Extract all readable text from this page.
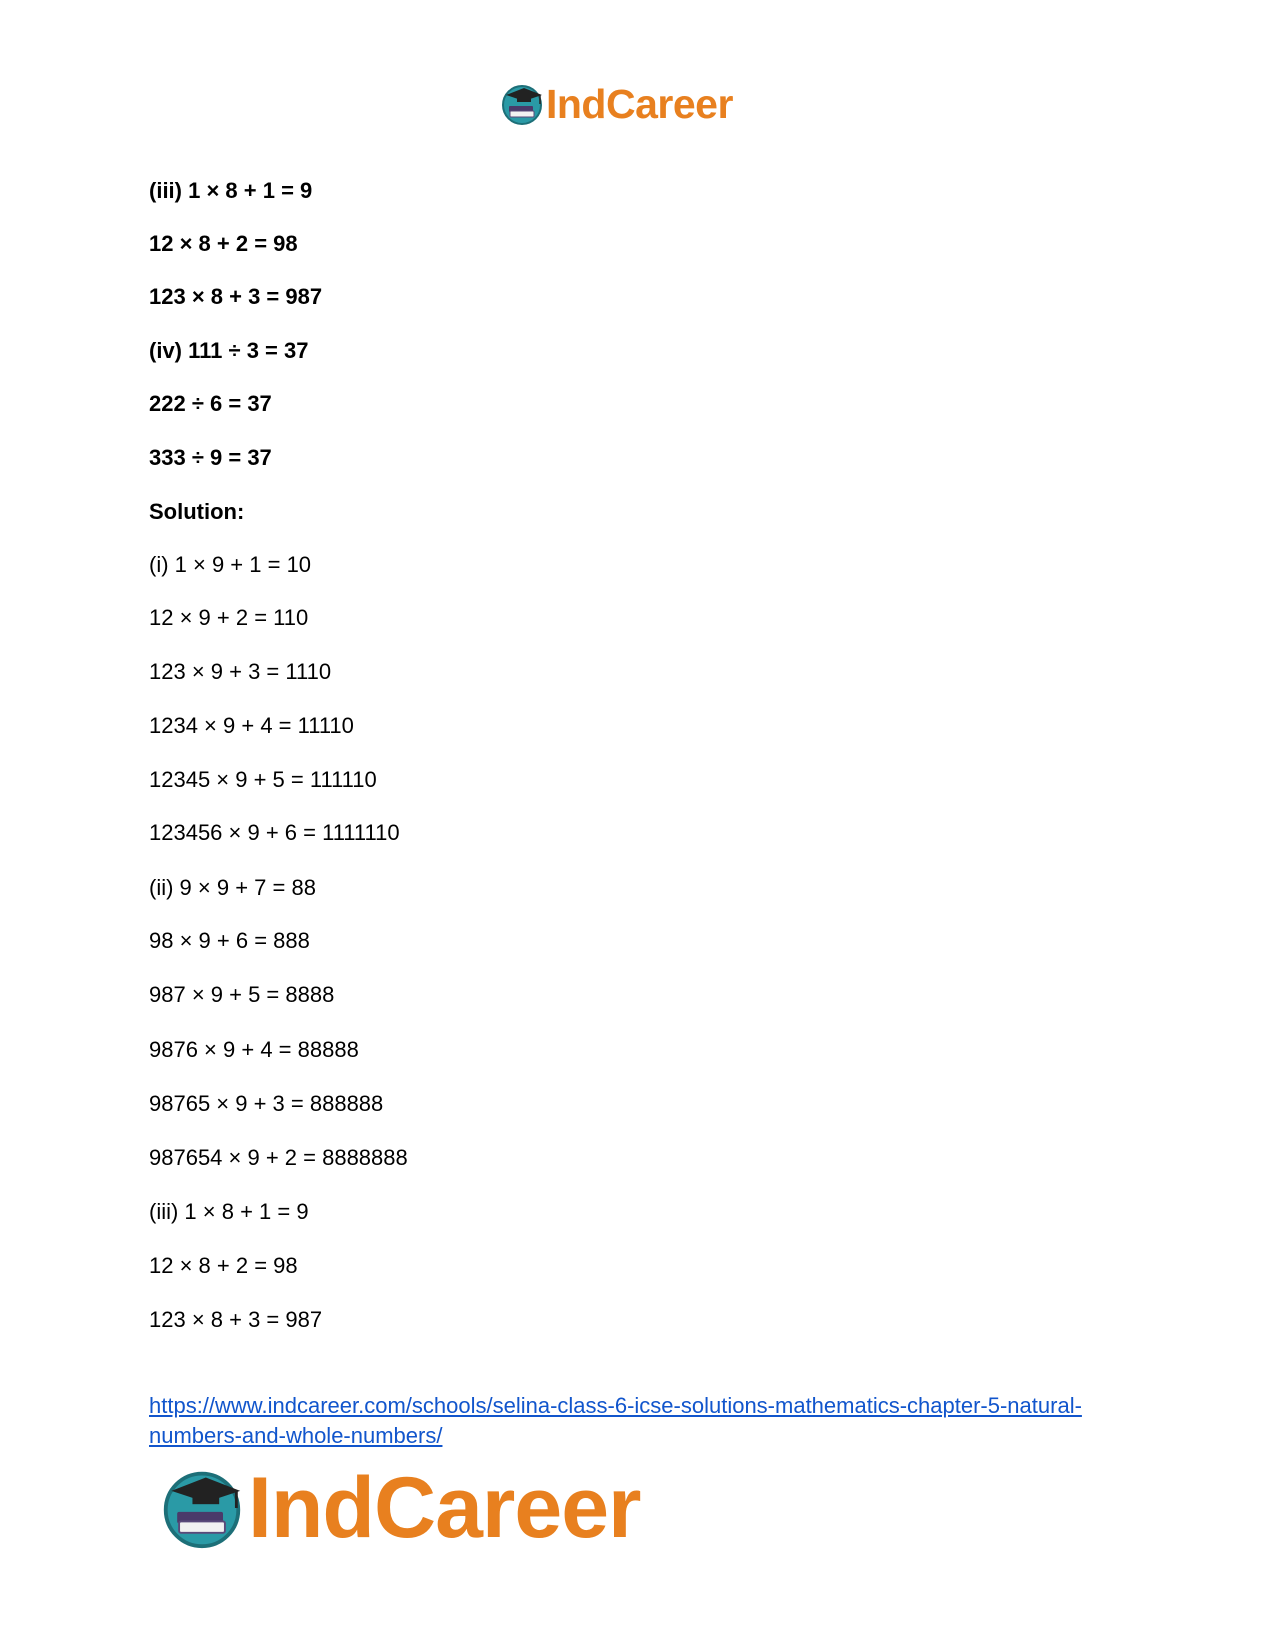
IndCareer
(iii) 1 × 8 + 1 = 9
12 × 8 + 2 = 98
123 × 8 + 3 = 987
(iv) 111 ÷ 3 = 37
222 ÷ 6 = 37
333 ÷ 9 = 37
Solution:
(i) 1 × 9 + 1 = 10
12 × 9 + 2 = 110
123 × 9 + 3 = 1110
1234 × 9 + 4 = 11110
12345 × 9 + 5 = 111110
123456 × 9 + 6 = 1111110
(ii) 9 × 9 + 7 = 88
98 × 9 + 6 = 888
987 × 9 + 5 = 8888
9876 × 9 + 4 = 88888
98765 × 9 + 3 = 888888
987654 × 9 + 2 = 8888888
(iii) 1 × 8 + 1 = 9
12 × 8 + 2 = 98
123 × 8 + 3 = 987
https://www.indcareer.com/schools/selina-class-6-icse-solutions-mathematics-chapter-5-natural-numbers-and-whole-numbers/
IndCareer
